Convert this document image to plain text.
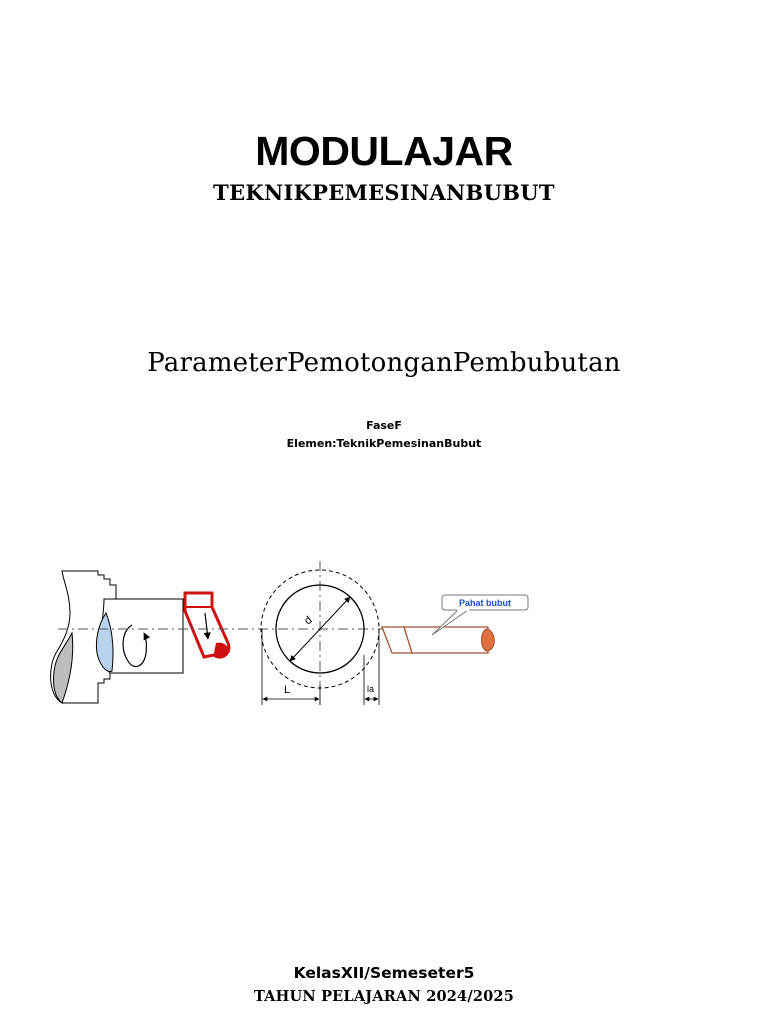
MODULAJAR
TEKNIKPEMESINANBUBUT
ParameterPemotonganPembubutan
FaseF
Elemen:TeknikPemesinanBubut
d
L	la
Pahat bubut
KelasXII/Semeseter5
TAHUN PELAJARAN 2024/2025
